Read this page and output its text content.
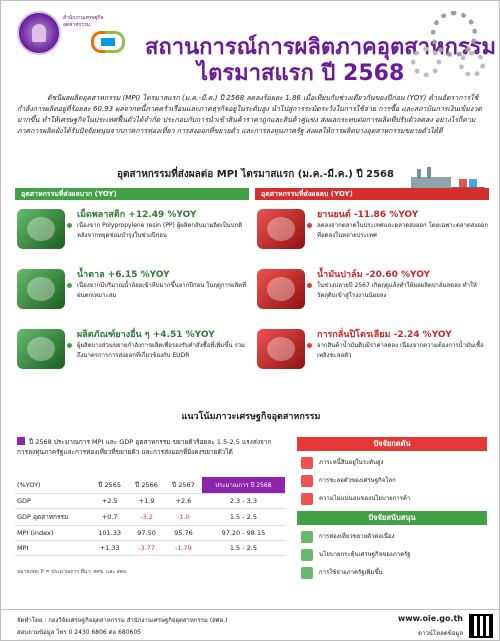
สำนักงานเศรษฐกิจอุตสาหกรรม
สถานการณ์การผลิตภาคอุตสาหกรรม
ไตรมาสแรก ปี 2568
ดัชนีผลผลิตอุตสาหกรรม (MPI) ไตรมาสแรก (ม.ค.-มี.ค.) ปี 2568 ลดลงร้อยละ 1.86 เมื่อเทียบกับช่วงเดียวกันของปีก่อน (YOY) ด้านอัตราการใช้กำลังการผลิตอยู่ที่ร้อยละ 60.93 ผลจากหนี้ภาคครัวเรือนและภาคธุรกิจอยู่ในระดับสูง นำไปสู่การระมัดระวังในการใช้จ่าย การซื้อ และสถาบันการเงินเข้มงวดมากขึ้น ทำให้เศรษฐกิจในประเทศฟื้นตัวได้จำกัด ประกอบกับการนำเข้าสินค้าราคาถูกและสินค้าคู่แข่ง ส่งผลกระทบต่อการผลิตที่ปรับตัวลดลง อย่างไรก็ตาม ภาคการผลิตยังได้รับปัจจัยหนุนจากภาคการท่องเที่ยว การส่งออกที่ขยายตัว และการลงทุนภาครัฐ ส่งผลให้การผลิตบางอุตสาหกรรมขยายตัวได้ดี
อุตสาหกรรมที่ส่งผลต่อ MPI ไตรมาสแรก (ม.ค.-มี.ค.) ปี 2568
อุตสาหกรรมที่ส่งผลบวก (YOY)	อุตสาหกรรมที่ส่งผลลบ (YOY)
เม็ดพลาสติก +12.49 %YOY
เนื่องจาก Polypropylene resin (PP) ผู้ผลิตกลับมาผลิตเป็นปกติหลังจากหยุดซ่อมบำรุงในช่วงปีก่อน
น้ำตาล +6.15 %YOY
เนื่องจากมีปริมาณน้ำอ้อยเข้าหีบมากขึ้นจากปีก่อน ในฤดูการผลิตที่ฝนตกเหมาะสม
ผลิตภัณฑ์ยางอื่น ๆ +4.51 %YOY
ผู้ผลิตบางส่วนขยายกำลังการผลิตเพื่อรองรับคำสั่งซื้อที่เพิ่มขึ้น รวมถึงมาตรการการส่งออกที่เกี่ยวข้องกับ EUDR
ยานยนต์ -11.86 %YOY
ลดลงจากตลาดในประเทศและตลาดส่งออก โดยเฉพาะตลาดส่งออกที่ลดลงในหลายประเทศ
น้ำมันปาล์ม -20.60 %YOY
ในช่วงปลายปี 2567 เกิดฤดูแล้งทำให้ผลผลิตปาล์มลดลง ทำให้วัตถุดิบเข้าสู่โรงงานน้อยลง
การกลั่นปิโตรเลียม -2.24 %YOY
จากสินค้าน้ำมันดิบมีราคาลดลง เนื่องจากความต้องการน้ำมันเชื้อเพลิงชะลอตัว
แนวโน้มภาวะเศรษฐกิจอุตสาหกรรม
ปี 2568 ประมาณการ MPI และ GDP อุตสาหกรรม ขยายตัวร้อยละ 1.5-2.5 แรงส่งจากการลงทุนภาครัฐและการท่องเที่ยวที่ขยายตัว และการส่งออกที่ยังคงขยายตัวได้
(%YOY)	ปี 2565	ปี 2566	ปี 2567	ประมาณการ ปี 2568
GDP	+2.5	+1.9	+2.6	2.3 - 3.3
GDP อุตสาหกรรม	+0.7	-3.2	-1.0	1.5 - 2.5
MPI (index)	101.33	97.50	95.76	97.20 - 98.15
MPI	+1.33	-3.77	-1.79	1.5 - 2.5
หมายเหตุ: P = ประมาณการ ที่มา: สศช. และ สศอ.
ปัจจัยกดดัน
ภาระหนี้สินอยู่ในระดับสูง
การชะลอตัวของเศรษฐกิจโลก
ความไม่แน่นอนของนโยบายการค้า
ปัจจัยสนับสนุน
การท่องเที่ยวขยายตัวต่อเนื่อง
นโยบายกระตุ้นเศรษฐกิจของภาครัฐ
การใช้จ่ายภาครัฐเพิ่มขึ้น
จัดทำโดย : กองวิจัยเศรษฐกิจอุตสาหกรรม สำนักงานเศรษฐกิจอุตสาหกรรม (สศอ.)
สอบถามข้อมูล โทร 0 2430 6806 ต่อ 680605
www.oie.go.th
ดาวน์โหลดข้อมูล
